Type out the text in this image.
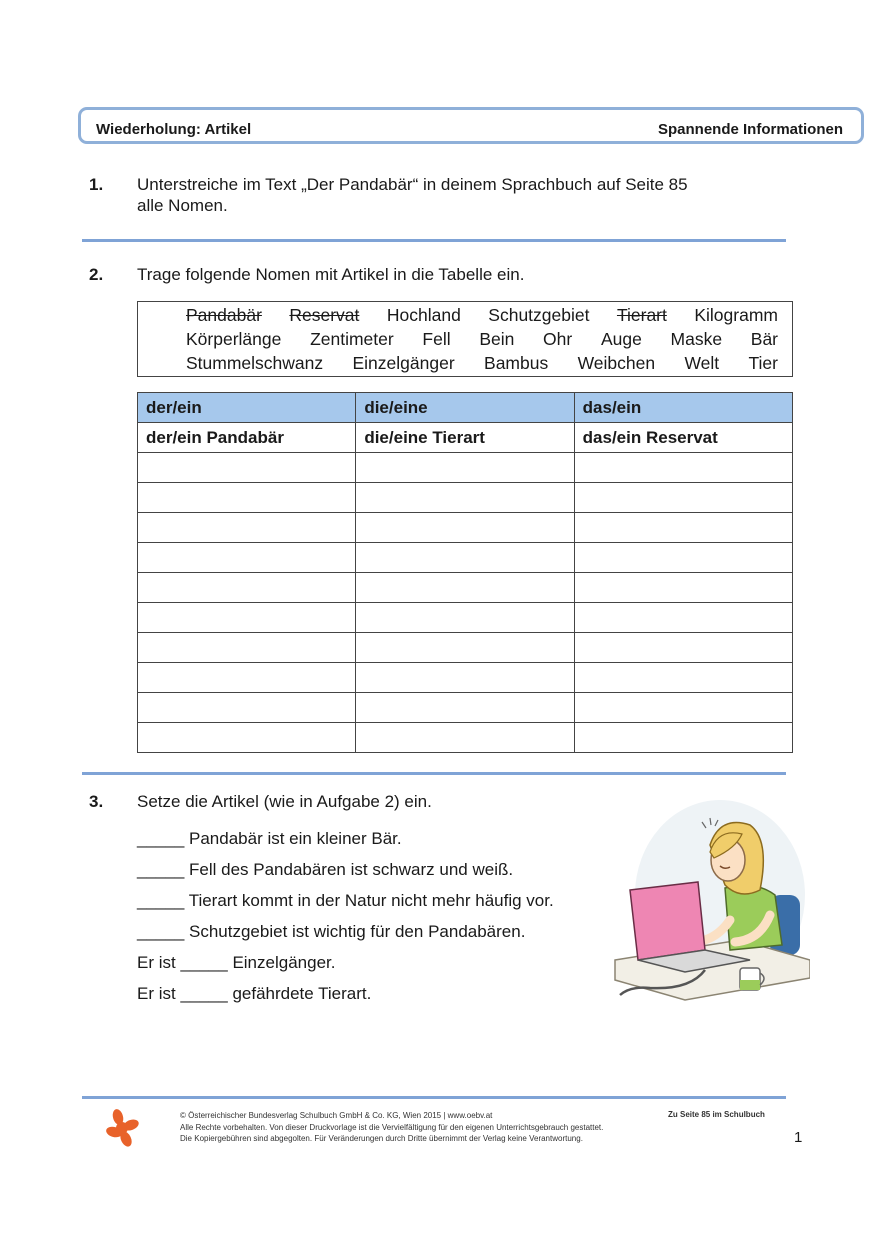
Wiederholung: Artikel	Spannende Informationen
1. Unterstreiche im Text „Der Pandabär“ in deinem Sprachbuch auf Seite 85
alle Nomen.
2. Trage folgende Nomen mit Artikel in die Tabelle ein.
Pandabär Reservat Hochland Schutzgebiet Tierart Kilogramm
Körperlänge Zentimeter Fell Bein Ohr Auge Maske Bär
Stummelschwanz Einzelgänger Bambus Weibchen Welt Tier
der/ein	die/eine	das/ein
der/ein Pandabär	die/eine Tierart	das/ein Reservat

3. Setze die Artikel (wie in Aufgabe 2) ein.
_____ Pandabär ist ein kleiner Bär.
_____ Fell des Pandabären ist schwarz und weiß.
_____ Tierart kommt in der Natur nicht mehr häufig vor.
_____ Schutzgebiet ist wichtig für den Pandabären.
Er ist _____ Einzelgänger.
Er ist _____ gefährdete Tierart.
© Österreichischer Bundesverlag Schulbuch GmbH & Co. KG, Wien 2015 | www.oebv.at
Alle Rechte vorbehalten. Von dieser Druckvorlage ist die Vervielfältigung für den eigenen Unterrichtsgebrauch gestattet.
Die Kopiergebühren sind abgegolten. Für Veränderungen durch Dritte übernimmt der Verlag keine Verantwortung.
Zu Seite 85 im Schulbuch
1
